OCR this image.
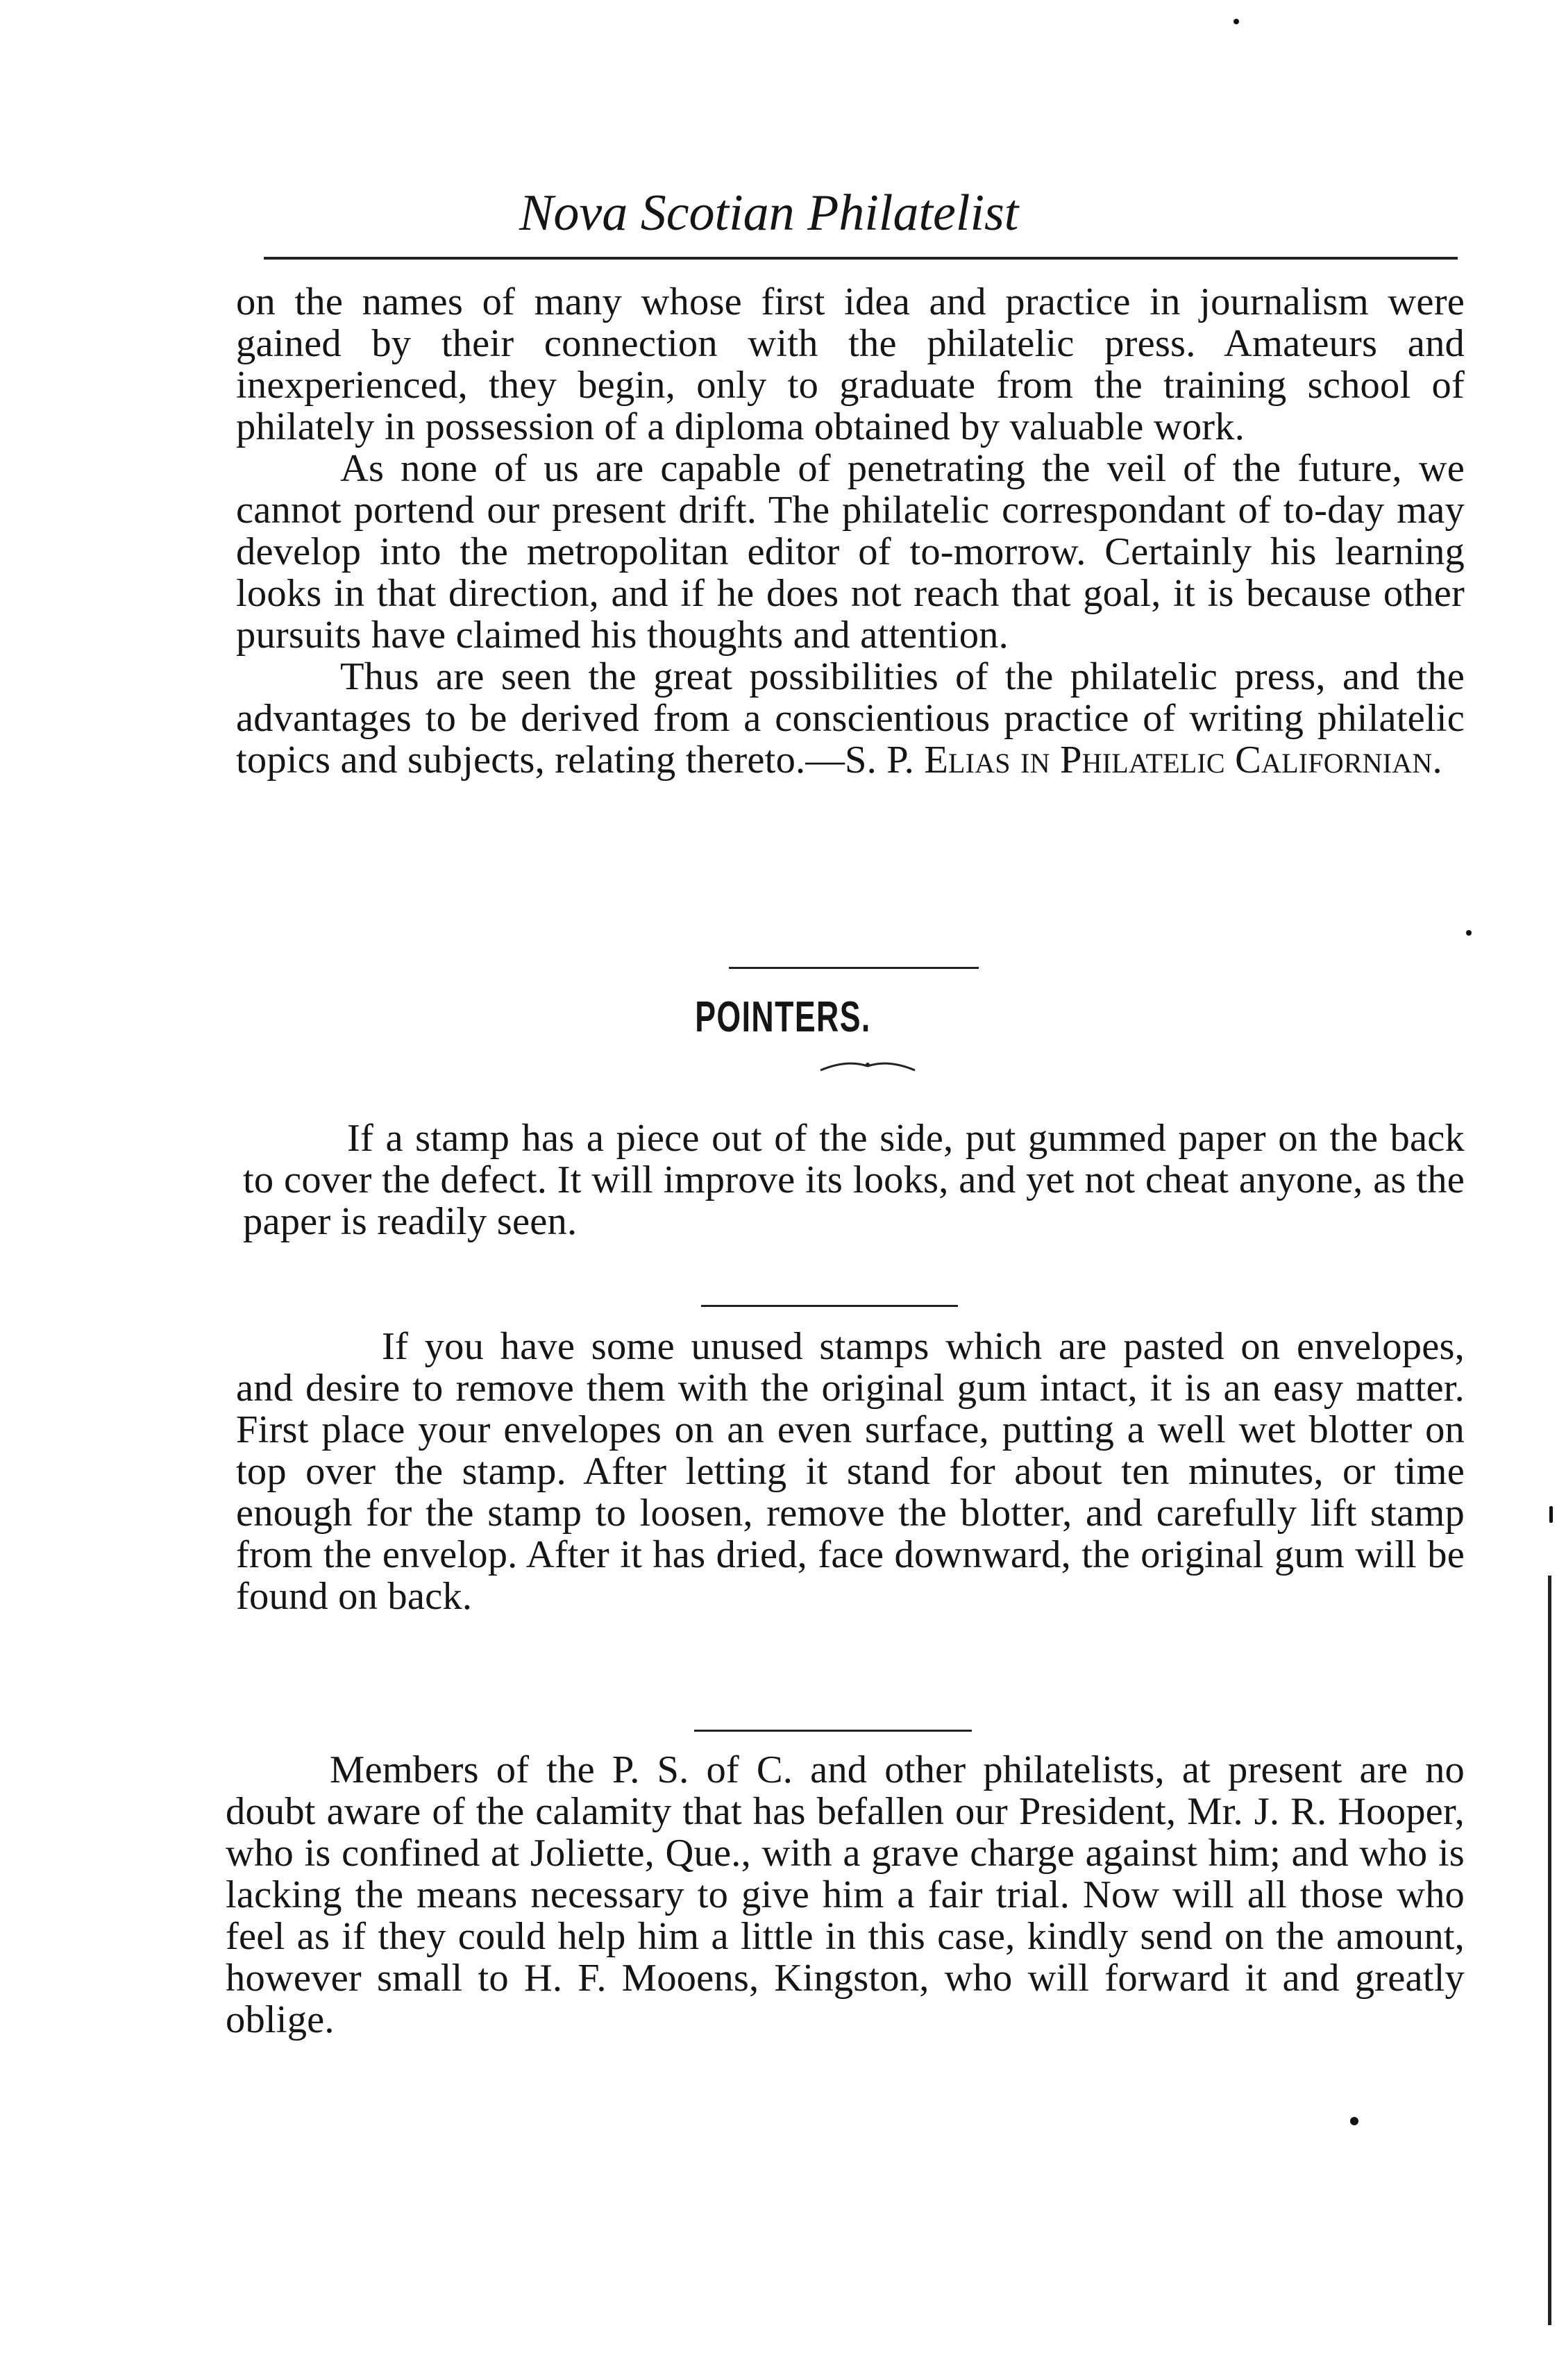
Nova Scotian Philatelist

on the names of many whose first idea and practice in journalism were gained by their connection with the philatelic press. Amateurs and inexperienced, they begin, only to graduate from the training school of philately in possession of a diploma obtained by valuable work.

As none of us are capable of penetrating the veil of the future, we cannot portend our present drift. The philatelic correspondant of to-day may develop into the metropolitan editor of to-morrow. Certainly his learning looks in that direction, and if he does not reach that goal, it is because other pursuits have claimed his thoughts and attention.

Thus are seen the great possibilities of the philatelic press, and the advantages to be derived from a conscientious practice of writing philatelic topics and subjects, relating thereto.—S. P. Elias in Philatelic Californian.

POINTERS.

If a stamp has a piece out of the side, put gummed paper on the back to cover the defect. It will improve its looks, and yet not cheat anyone, as the paper is readily seen.

If you have some unused stamps which are pasted on envelopes, and desire to remove them with the original gum intact, it is an easy matter. First place your envelopes on an even surface, putting a well wet blotter on top over the stamp. After letting it stand for about ten minutes, or time enough for the stamp to loosen, remove the blotter, and carefully lift stamp from the envelop. After it has dried, face downward, the original gum will be found on back.

Members of the P. S. of C. and other philatelists, at present are no doubt aware of the calamity that has befallen our President, Mr. J. R. Hooper, who is confined at Joliette, Que., with a grave charge against him; and who is lacking the means necessary to give him a fair trial. Now will all those who feel as if they could help him a little in this case, kindly send on the amount, however small to H. F. Mooens, Kingston, who will forward it and greatly oblige.
